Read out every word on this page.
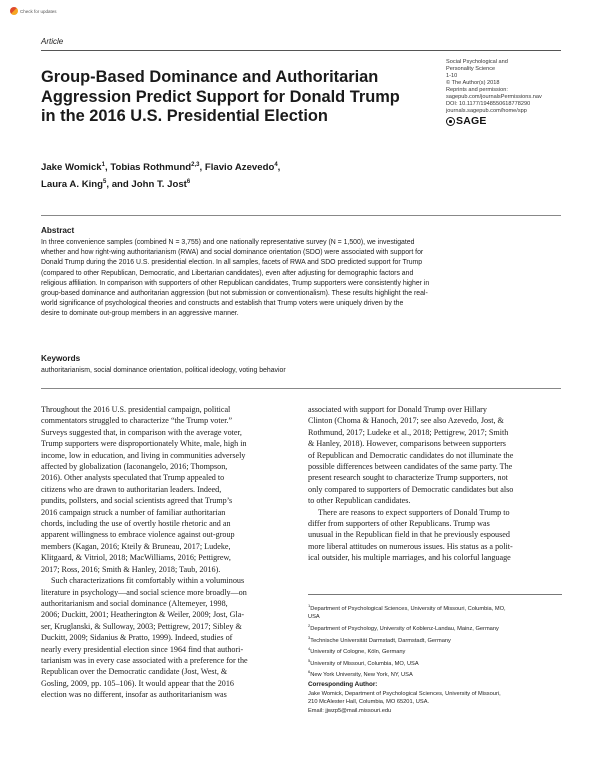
Check for updates
Article
Group-Based Dominance and Authoritarian
Aggression Predict Support for Donald Trump
in the 2016 U.S. Presidential Election
Social Psychological and
Personality Science
1-10
© The Author(s) 2018
Reprints and permission:
sagepub.com/journalsPermissions.nav
DOI: 10.1177/1948550618778290
journals.sagepub.com/home/spp
SAGE
Jake Womick$^1$, Tobias Rothmund$^{2,3}$, Flavio Azevedo$^4$,
Laura A. King$^5$, and John T. Jost$^6$
Abstract
In three convenience samples (combined N = 3,755) and one nationally representative survey (N = 1,500), we investigated
whether and how right-wing authoritarianism (RWA) and social dominance orientation (SDO) were associated with support for
Donald Trump during the 2016 U.S. presidential election. In all samples, facets of RWA and SDO predicted support for Trump
(compared to other Republican, Democratic, and Libertarian candidates), even after adjusting for demographic factors and
religious affiliation. In comparison with supporters of other Republican candidates, Trump supporters were consistently higher in
group-based dominance and authoritarian aggression (but not submission or conventionalism). These results highlight the real-
world significance of psychological theories and constructs and establish that Trump voters were uniquely driven by the
desire to dominate out-group members in an aggressive manner.
Keywords
authoritarianism, social dominance orientation, political ideology, voting behavior
Throughout the 2016 U.S. presidential campaign, political
commentators struggled to characterize “the Trump voter.”
Surveys suggested that, in comparison with the average voter,
Trump supporters were disproportionately White, male, high in
income, low in education, and living in communities adversely
affected by globalization (Iaconangelo, 2016; Thompson,
2016). Other analysts speculated that Trump appealed to
citizens who are drawn to authoritarian leaders. Indeed,
pundits, pollsters, and social scientists agreed that Trump’s
2016 campaign struck a number of familiar authoritarian
chords, including the use of overtly hostile rhetoric and an
apparent willingness to embrace violence against out-group
members (Kagan, 2016; Kteily & Bruneau, 2017; Ludeke,
Klitgaard, & Vitriol, 2018; MacWilliams, 2016; Pettigrew,
2017; Ross, 2016; Smith & Hanley, 2018; Taub, 2016).
Such characterizations fit comfortably within a voluminous
literature in psychology—and social science more broadly—on
authoritarianism and social dominance (Altemeyer, 1998,
2006; Duckitt, 2001; Heatherington & Weiler, 2009; Jost, Gla-
ser, Kruglanski, & Sulloway, 2003; Pettigrew, 2017; Sibley &
Duckitt, 2009; Sidanius & Pratto, 1999). Indeed, studies of
nearly every presidential election since 1964 find that authori-
tarianism was in every case associated with a preference for the
Republican over the Democratic candidate (Jost, West, &
Gosling, 2009, pp. 105–106). It would appear that the 2016
election was no different, insofar as authoritarianism was
associated with support for Donald Trump over Hillary
Clinton (Choma & Hanoch, 2017; see also Azevedo, Jost, &
Rothmund, 2017; Ludeke et al., 2018; Pettigrew, 2017; Smith
& Hanley, 2018). However, comparisons between supporters
of Republican and Democratic candidates do not illuminate the
possible differences between candidates of the same party. The
present research sought to characterize Trump supporters, not
only compared to supporters of Democratic candidates but also
to other Republican candidates.
There are reasons to expect supporters of Donald Trump to
differ from supporters of other Republicans. Trump was
unusual in the Republican field in that he previously espoused
more liberal attitudes on numerous issues. His status as a polit-
ical outsider, his multiple marriages, and his colorful language
$^1$Department of Psychological Sciences, University of Missouri, Columbia, MO,
USA
$^2$Department of Psychology, University of Koblenz-Landau, Mainz, Germany
$^3$Technische Universität Darmstadt, Darmstadt, Germany
$^4$University of Cologne, Köln, Germany
$^5$University of Missouri, Columbia, MO, USA
$^6$New York University, New York, NY, USA
Corresponding Author:
Jake Womick, Department of Psychological Sciences, University of Missouri,
210 McAlester Hall, Columbia, MO 65201, USA.
Email: jjwzp5@mail.missouri.edu
